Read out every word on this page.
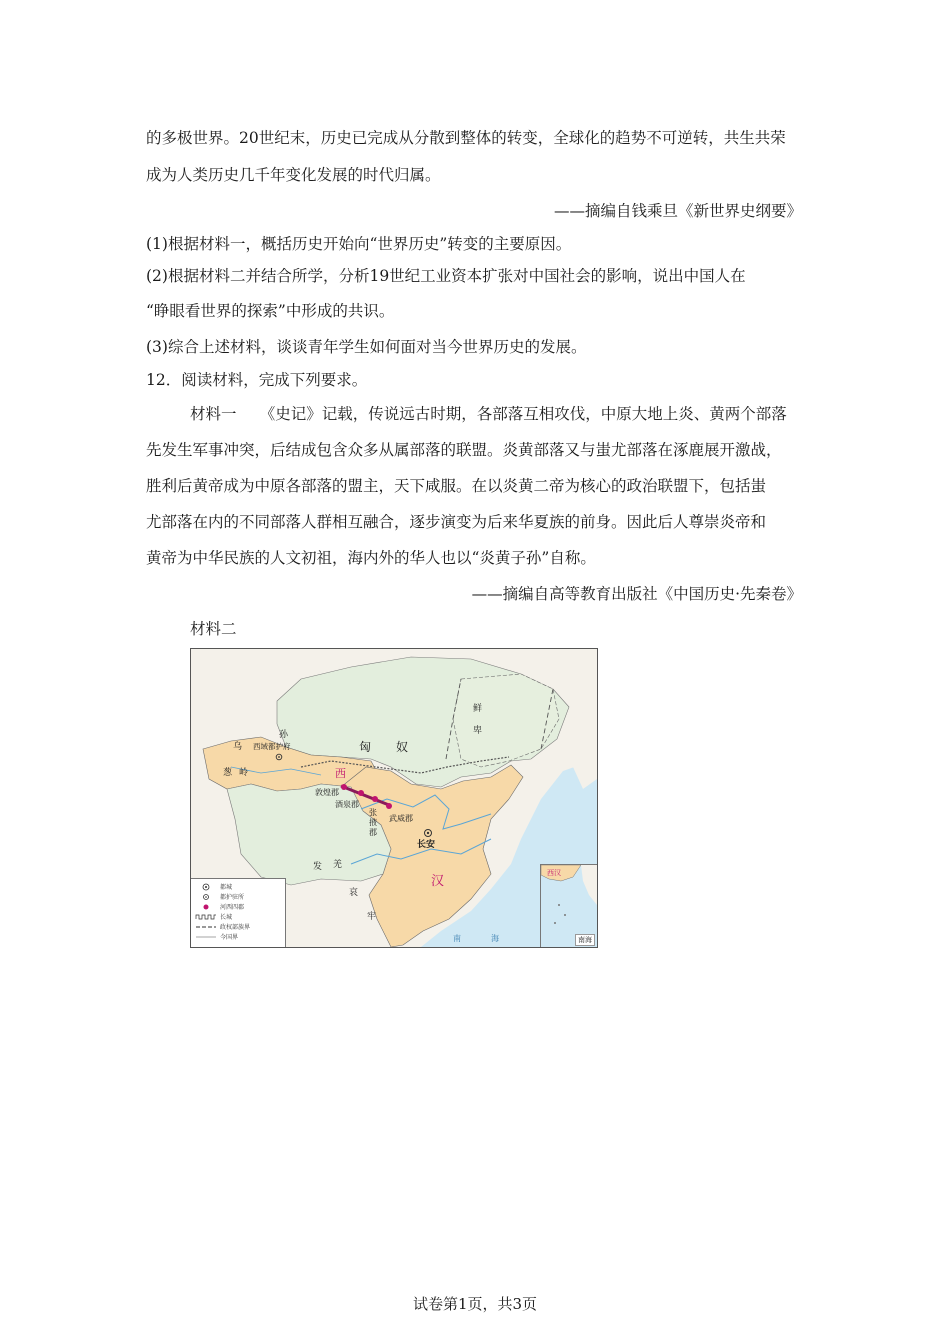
的多极世界。20世纪末，历史已完成从分散到整体的转变，全球化的趋势不可逆转，共生共荣
成为人类历史几千年变化发展的时代归属。
——摘编自钱乘旦《新世界史纲要》
(1)根据材料一，概括历史开始向“世界历史”转变的主要原因。
(2)根据材料二并结合所学，分析19世纪工业资本扩张对中国社会的影响，说出中国人在
“睁眼看世界的探索”中形成的共识。
(3)综合上述材料，谈谈青年学生如何面对当今世界历史的发展。
12．阅读材料，完成下列要求。
材料一　　《史记》记载，传说远古时期，各部落互相攻伐，中原大地上炎、黄两个部落
先发生军事冲突，后结成包含众多从属部落的联盟。炎黄部落又与蚩尤部落在涿鹿展开激战，
胜利后黄帝成为中原各部落的盟主，天下咸服。在以炎黄二帝为核心的政治联盟下，包括蚩
尤部落在内的不同部落人群相互融合，逐步演变为后来华夏族的前身。因此后人尊崇炎帝和
黄帝为中华民族的人文初祖，海内外的华人也以“炎黄子孙”自称。
——摘编自高等教育出版社《中国历史·先秦卷》
材料二
匈 奴
鲜
卑
乌
孙
西域都护府
西
葱 岭
敦煌郡
酒泉郡
张
掖
郡
武威郡
长安
汉
发 羌
哀
牢
南	海
都城
都护驻所
河西四郡
长城
政权部族界
今国界
西汉
南海
试卷第1页，共3页
